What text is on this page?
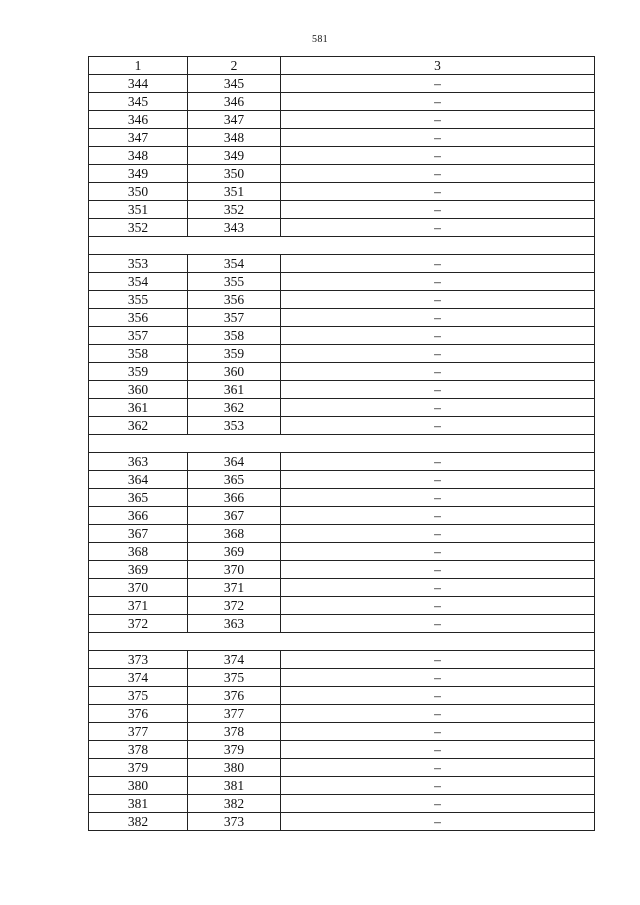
581
1	2	3
344	345	–
345	346	–
346	347	–
347	348	–
348	349	–
349	350	–
350	351	–
351	352	–
352	343	–

353	354	–
354	355	–
355	356	–
356	357	–
357	358	–
358	359	–
359	360	–
360	361	–
361	362	–
362	353	–

363	364	–
364	365	–
365	366	–
366	367	–
367	368	–
368	369	–
369	370	–
370	371	–
371	372	–
372	363	–

373	374	–
374	375	–
375	376	–
376	377	–
377	378	–
378	379	–
379	380	–
380	381	–
381	382	–
382	373	–
